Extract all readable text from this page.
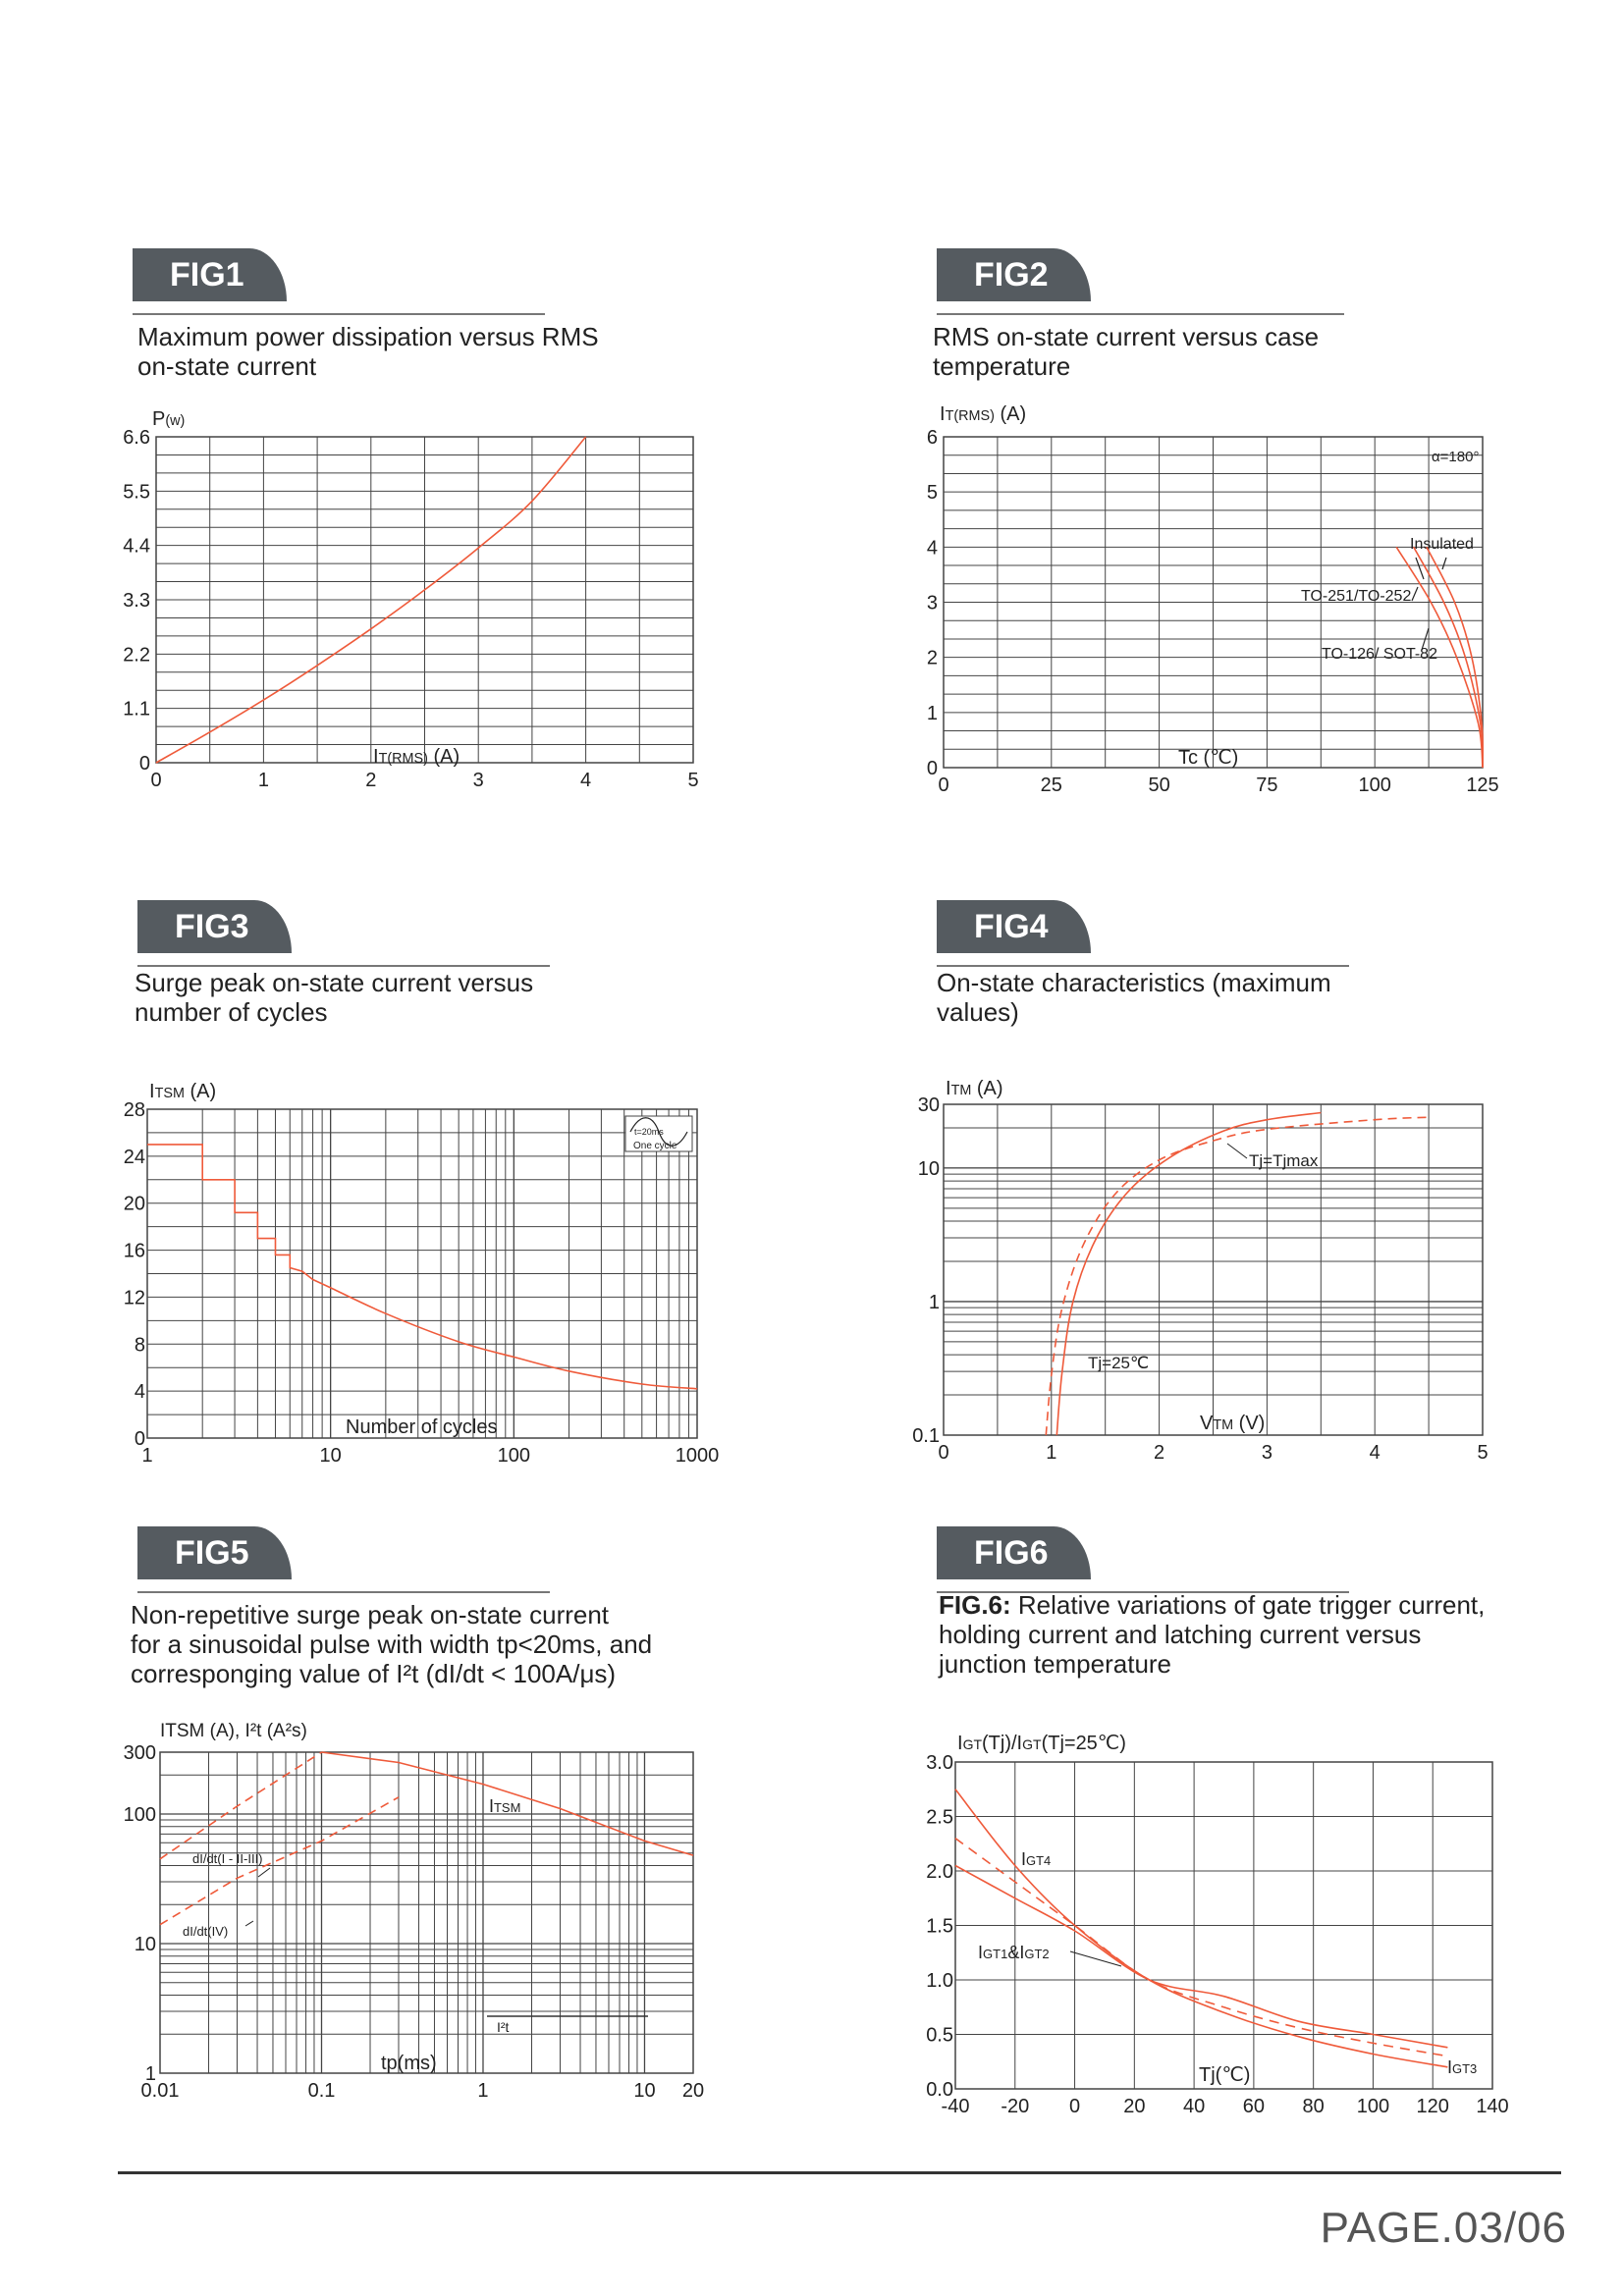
FIG1
Maximum power dissipation versus RMS
on-state current
0	1	2	3	4	5
0
1.1
2.2
3.3
4.4
5.5
6.6
P(w)
IT(RMS) (A)
FIG2
RMS on-state current versus case
temperature
0	25	50	75	100	125
0
1
2
3
4
5
6
IT(RMS) (A)
Tc (℃)
α=180°
Insulated
TO-251/TO-252
TO-126/ SOT-82
FIG3
Surge peak on-state current versus
number of cycles
1	10	100	1000
0
4
8
12
16
20
24
28
ITSM (A)
Number of cycles
t=20ms
One cycle
FIG4
On-state characteristics (maximum
values)
0	1	2	3	4	5
0.1
1
10
30
ITM (A)
VTM (V)
Tj=Tjmax
Tj=25℃
FIG5
Non-repetitive surge peak on-state current
for a sinusoidal pulse with width tp<20ms, and
corresponging value of I²t (dI/dt < 100A/μs)
0.01	0.1	1	10 20
1
10
100
300
ITSM (A), I²t (A²s)
tp(ms)
ITSM
I²t
dI/dt(I - II-III)
dI/dt(IV)
FIG6
FIG.6: Relative variations of gate trigger current,
holding current and latching current versus
junction temperature
-40 -20 0 20 40 60 80 100 120 140
0.0
0.5
1.0
1.5
2.0
2.5
3.0
IGT(Tj)/IGT(Tj=25℃)
Tj(℃)
IGT4
IGT1&IGT2
IGT3
PAGE.03/06
